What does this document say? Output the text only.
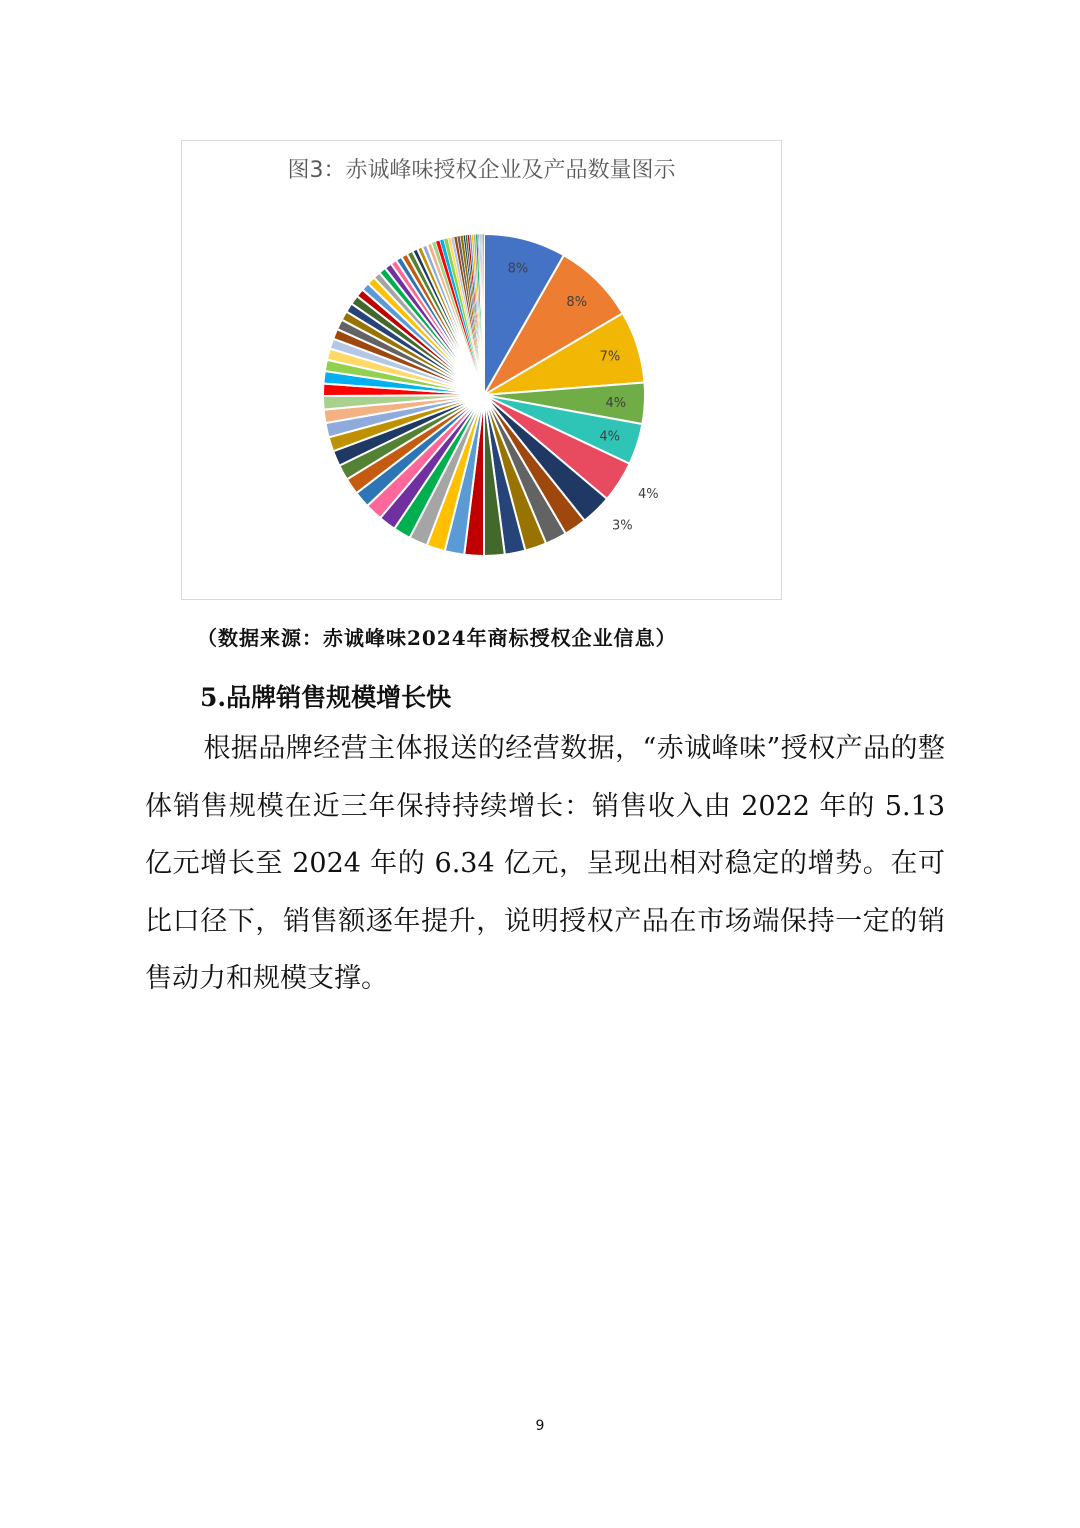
8%
8%
7%
4%
4%
4%
3%
图3：赤诚峰味授权企业及产品数量图示
（数据来源：赤诚峰味2024年商标授权企业信息）
5.品牌销售规模增长快
根据品牌经营主体报送的经营数据，“赤诚峰味”授权产品的整体销售规模在近三年保持持续增长：销售收入由 2022 年的 5.13 亿元增长至 2024 年的 6.34 亿元，呈现出相对稳定的增势。在可比口径下，销售额逐年提升，说明授权产品在市场端保持一定的销售动力和规模支撑。
9
